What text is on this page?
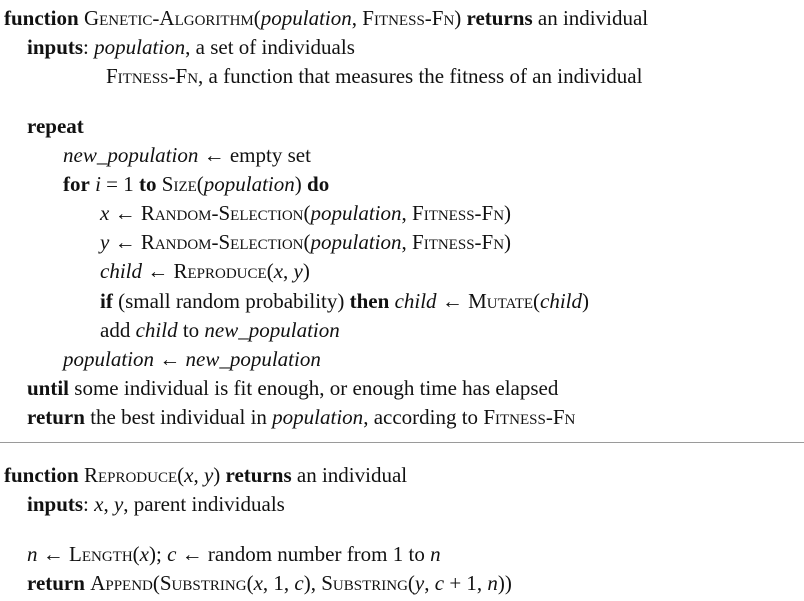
function Genetic-Algorithm(population, Fitness-Fn) returns an individual
inputs: population, a set of individuals
Fitness-Fn, a function that measures the fitness of an individual
repeat
new_population ← empty set
for i = 1 to Size(population) do
x ← Random-Selection(population, Fitness-Fn)
y ← Random-Selection(population, Fitness-Fn)
child ← Reproduce(x, y)
if (small random probability) then child ← Mutate(child)
add child to new_population
population ← new_population
until some individual is fit enough, or enough time has elapsed
return the best individual in population, according to Fitness-Fn
function Reproduce(x, y) returns an individual
inputs: x, y, parent individuals
n ← Length(x); c ← random number from 1 to n
return Append(Substring(x, 1, c), Substring(y, c + 1, n))
